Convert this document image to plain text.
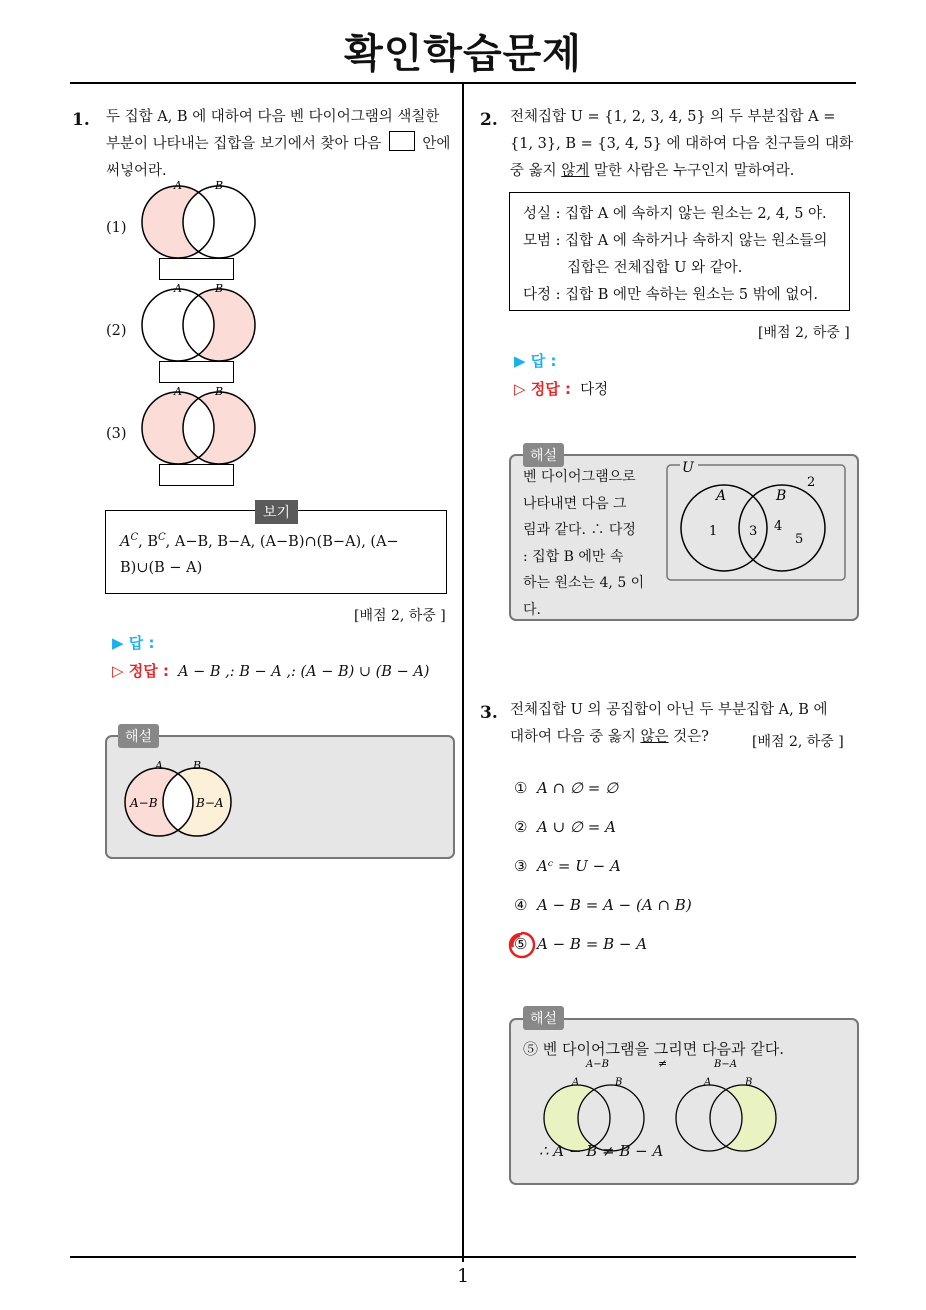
확인학습문제
1
1. 두 집합 A, B 에 대하여 다음 벤 다이어그램의 색칠한
부분이 나타내는 집합을 보기에서 찾아 다음	안에
써넣어라.
(1)
A	B
(2)
A	B
(3)
A	B
$A^C$, $B^C$, A−B, B−A, (A−B)∩(B−A), (A−
B)∪(B − A)
보기
[배점 2, 하중 ]
▶ 답 :
▷ 정답 : A − B ,: B − A ,: (A − B) ∪ (B − A)
A	B
A−B	B−A
해설
2. 전체집합 U = {1, 2, 3, 4, 5} 의 두 부분집합 A =
{1, 3}, B = {3, 4, 5} 에 대하여 다음 친구들의 대화
중 옳지 않게 말한 사람은 누구인지 말하여라.
성실 : 집합 A 에 속하지 않는 원소는 2, 4, 5 야.
모범 : 집합 A 에 속하거나 속하지 않는 원소들의
집합은 전체집합 U 와 같아.
다정 : 집합 B 에만 속하는 원소는 5 밖에 없어.
[배점 2, 하중 ]
▶ 답 :
▷ 정답 : 다정
벤 다이어그램으로
나타내면 다음 그
림과 같다. ∴ 다정
: 집합 B 에만 속
하는 원소는 4, 5 이
다.
U
A	B
1
2
3 4
5
해설
3. 전체집합 U 의 공집합이 아닌 두 부분집합 A, B 에
대하여 다음 중 옳지 않은 것은?	[배점 2, 하중 ]
① A ∩ ∅ = ∅
② A ∪ ∅ = A
③ Aᶜ = U − A
④ A − B = A − (A ∩ B)
⑤ A − B = B − A
⑤ 벤 다이어그램을 그리면 다음과 같다.
A−B	≠	B−A
A	B	A	B
∴ A − B ≠ B − A
해설
